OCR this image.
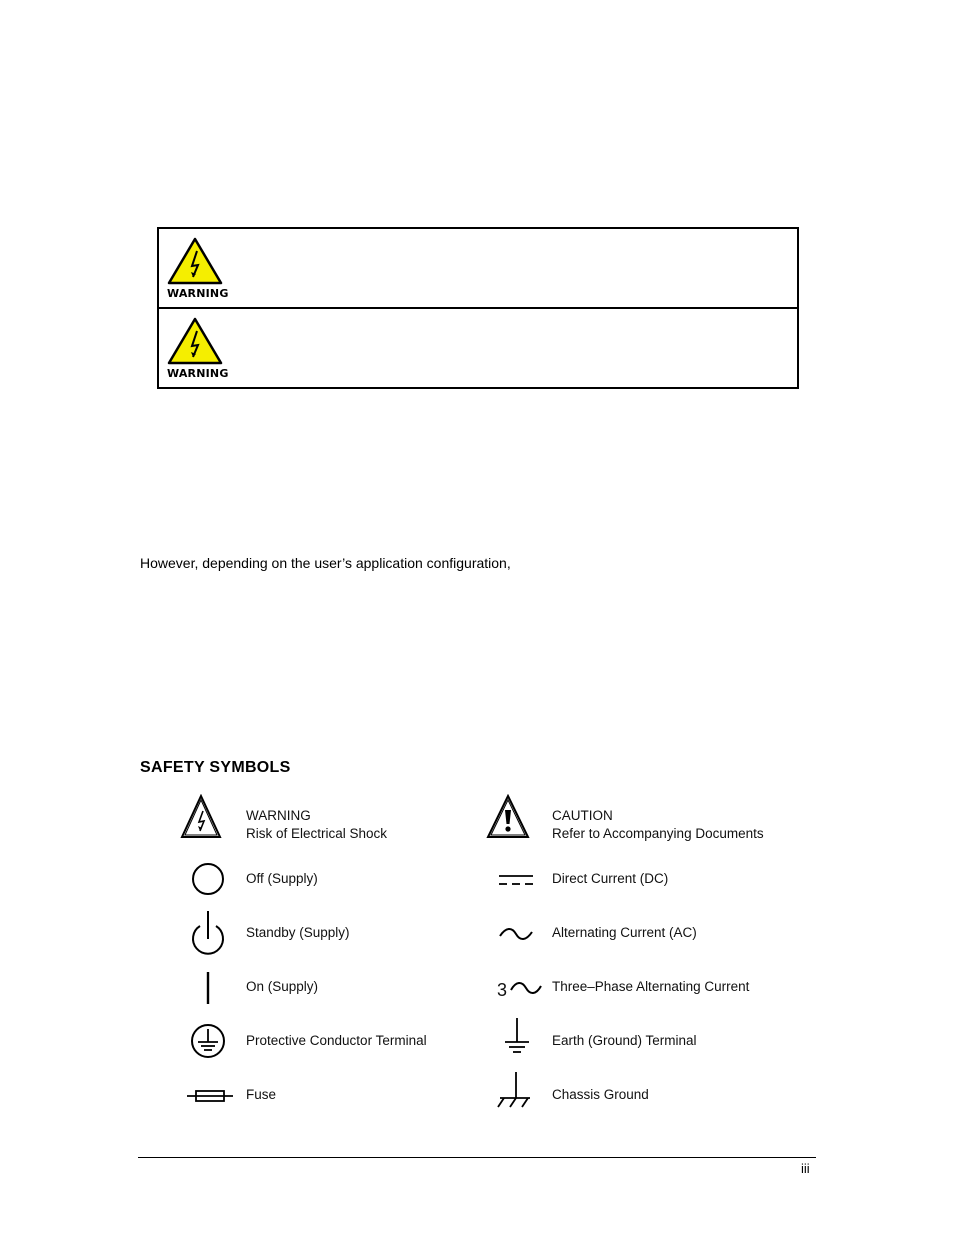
WARNING
WARNING
However, depending on the user’s application configuration,
SAFETY SYMBOLS
WARNING
Risk of Electrical Shock
Off (Supply)
Standby (Supply)
On (Supply)
Protective Conductor Terminal
Fuse
CAUTION
Refer to Accompanying Documents
Direct Current (DC)
Alternating Current (AC)
3	Three–Phase Alternating Current
Earth (Ground) Terminal
Chassis Ground
iii
